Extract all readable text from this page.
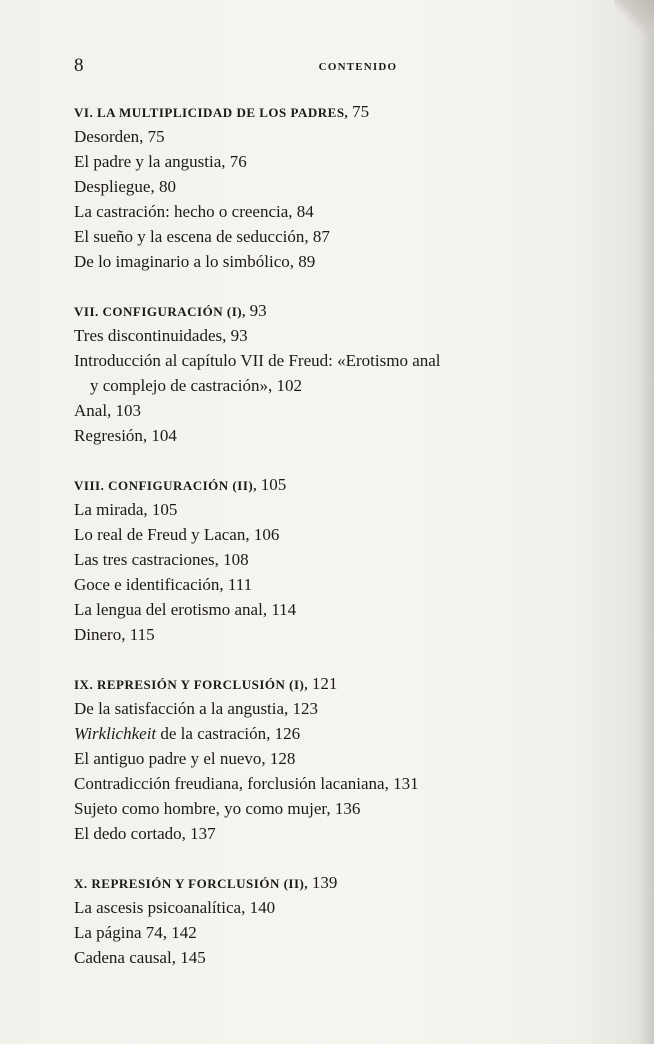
8	CONTENIDO
VI. LA MULTIPLICIDAD DE LOS PADRES, 75
Desorden, 75
El padre y la angustia, 76
Despliegue, 80
La castración: hecho o creencia, 84
El sueño y la escena de seducción, 87
De lo imaginario a lo simbólico, 89
VII. CONFIGURACIÓN (I), 93
Tres discontinuidades, 93
Introducción al capítulo VII de Freud: «Erotismo anal
y complejo de castración», 102
Anal, 103
Regresión, 104
VIII. CONFIGURACIÓN (II), 105
La mirada, 105
Lo real de Freud y Lacan, 106
Las tres castraciones, 108
Goce e identificación, 111
La lengua del erotismo anal, 114
Dinero, 115
IX. REPRESIÓN Y FORCLUSIÓN (I), 121
De la satisfacción a la angustia, 123
Wirklichkeit de la castración, 126
El antiguo padre y el nuevo, 128
Contradicción freudiana, forclusión lacaniana, 131
Sujeto como hombre, yo como mujer, 136
El dedo cortado, 137
X. REPRESIÓN Y FORCLUSIÓN (II), 139
La ascesis psicoanalítica, 140
La página 74, 142
Cadena causal, 145
